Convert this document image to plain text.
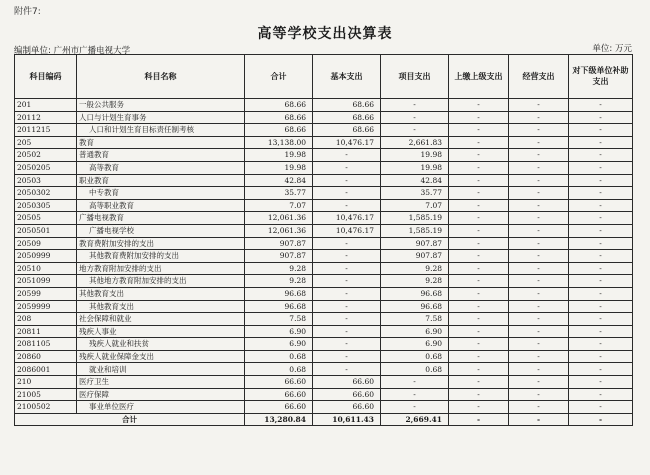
附件7:
高等学校支出决算表
编制单位: 广州市广播电视大学	单位: 万元
科目编码	科目名称	合计	基本支出	项目支出	上缴上级支出	经营支出	对下级单位补助支出
201	一般公共服务	68.66	68.66	-	-	-	-
20112	人口与计划生育事务	68.66	68.66	-	-	-	-
2011215	人口和计划生育目标责任制考核	68.66	68.66	-	-	-	-
205	教育	13,138.00	10,476.17	2,661.83	-	-	-
20502	普通教育	19.98	-	19.98	-	-	-
2050205	高等教育	19.98	-	19.98	-	-	-
20503	职业教育	42.84	-	42.84	-	-	-
2050302	中专教育	35.77	-	35.77	-	-	-
2050305	高等职业教育	7.07	-	7.07	-	-	-
20505	广播电视教育	12,061.36	10,476.17	1,585.19	-	-	-
2050501	广播电视学校	12,061.36	10,476.17	1,585.19	-	-	-
20509	教育费附加安排的支出	907.87	-	907.87	-	-	-
2050999	其他教育费附加安排的支出	907.87	-	907.87	-	-	-
20510	地方教育附加安排的支出	9.28	-	9.28	-	-	-
2051099	其他地方教育附加安排的支出	9.28	-	9.28	-	-	-
20599	其他教育支出	96.68	-	96.68	-	-	-
2059999	其他教育支出	96.68	-	96.68	-	-	-
208	社会保障和就业	7.58	-	7.58	-	-	-
20811	残疾人事业	6.90	-	6.90	-	-	-
2081105	残疾人就业和扶贫	6.90	-	6.90	-	-	-
20860	残疾人就业保障金支出	0.68	-	0.68	-	-	-
2086001	就业和培训	0.68	-	0.68	-	-	-
210	医疗卫生	66.60	66.60	-	-	-	-
21005	医疗保障	66.60	66.60	-	-	-	-
2100502	事业单位医疗	66.60	66.60	-	-	-	-
合计		13,280.84	10,611.43	2,669.41	-	-	-
